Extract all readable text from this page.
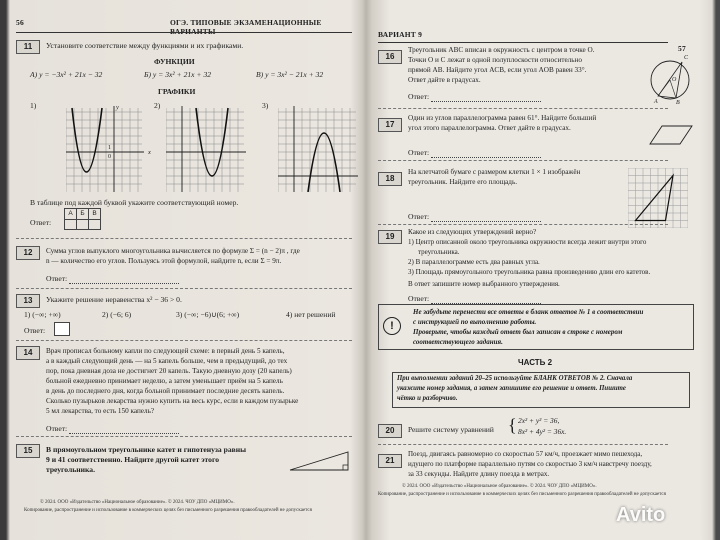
56	ОГЭ. ТИПОВЫЕ ЭКЗАМЕНАЦИОННЫЕ
11	Установите соответствие между функциями и их графиками.
ФУНКЦИИ
А) y = −3x² + 21x − 32	Б) y = 3x² + 21x + 32	В) y = 3x² − 21x + 32
ГРАФИКИ
1)	2)	3)
y
x
1
0
В таблице под каждой буквой укажите соответствующий номер.
Ответ:
А	Б	В

12	Сумма углов выпуклого многоугольника вычисляется по формуле Σ = (n − 2)π , где
n — количество его углов. Пользуясь этой формулой, найдите n, если Σ = 9π.
Ответ:
13	Укажите решение неравенства x² − 36 > 0.
1) (−∞; +∞)	2) (−6; 6)	3) (−∞; −6)∪(6; +∞)	4) нет решений
Ответ:
14	Врач прописал больному капли по следующей схеме: в первый день 5 капель,
а в каждый следующий день — на 5 капель больше, чем в предыдущий, до тех
пор, пока дневная доза не достигнет 20 капель. Такую дневную дозу (20 капель)
больной ежедневно принимает неделю, а затем уменьшает приём на 5 капель
в день до последнего дня, когда больной принимает последние десять капель.
Сколько пузырьков лекарства нужно купить на весь курс, если в каждом пузырьке
5 мл лекарства, то есть 150 капель?
Ответ:
15	В прямоугольном треугольнике катет и гипотенуза равны
9 и 41 соответственно. Найдите другой катет этого
треугольника.
© 2024. ООО «Издательство «Национальное образование». © 2024. ЧОУ ДПО «МЦИМО».
Копирование, распространение и использование в коммерческих целях без письменного разрешения правообладателей не допускается
ВАРИАНТ 9
57
16
Треугольник ABC вписан в окружность с центром в точке O.
Точки O и C лежат в одной полуплоскости относительно
прямой AB. Найдите угол ACB, если угол AOB равен 33°.
Ответ дайте в градусах.
A	B
C
O
Ответ:
17
Один из углов параллелограмма равен 61°. Найдите больший
угол этого параллелограмма. Ответ дайте в градусах.
Ответ:
18
На клетчатой бумаге с размером клетки 1 × 1 изображён
треугольник. Найдите его площадь.
Ответ:
19	Какое из следующих утверждений верно?
1) Центр описанной около треугольника окружности всегда лежит внутри этого
треугольника.
2) В параллелограмме есть два равных угла.
3) Площадь прямоугольного треугольника равна произведению длин его катетов.
В ответ запишите номер выбранного утверждения.
Ответ:
!
Не забудьте перенести все ответы в бланк ответов № 1 в соответствии
с инструкцией по выполнению работы.
Проверьте, чтобы каждый ответ был записан в строке с номером
соответствующего задания.
ЧАСТЬ 2
При выполнении заданий 20–25 используйте БЛАНК ОТВЕТОВ № 2. Сначала
укажите номер задания, а затем запишите его решение и ответ. Пишите
чётко и разборчиво.
20	Решите систему уравнений { 2x² + y² = 36,
8x² + 4y² = 36x.
21
Поезд, двигаясь равномерно со скоростью 57 км/ч, проезжает мимо пешехода,
идущего по платформе параллельно путям со скоростью 3 км/ч навстречу поезду,
за 33 секунды. Найдите длину поезда в метрах.
© 2024. ООО «Издательство «Национальное образование». © 2024. ЧОУ ДПО «МЦИМО».
Копирование, распространение и использование в коммерческих целях без письменного разрешения правообладателей не допускается
Avito
